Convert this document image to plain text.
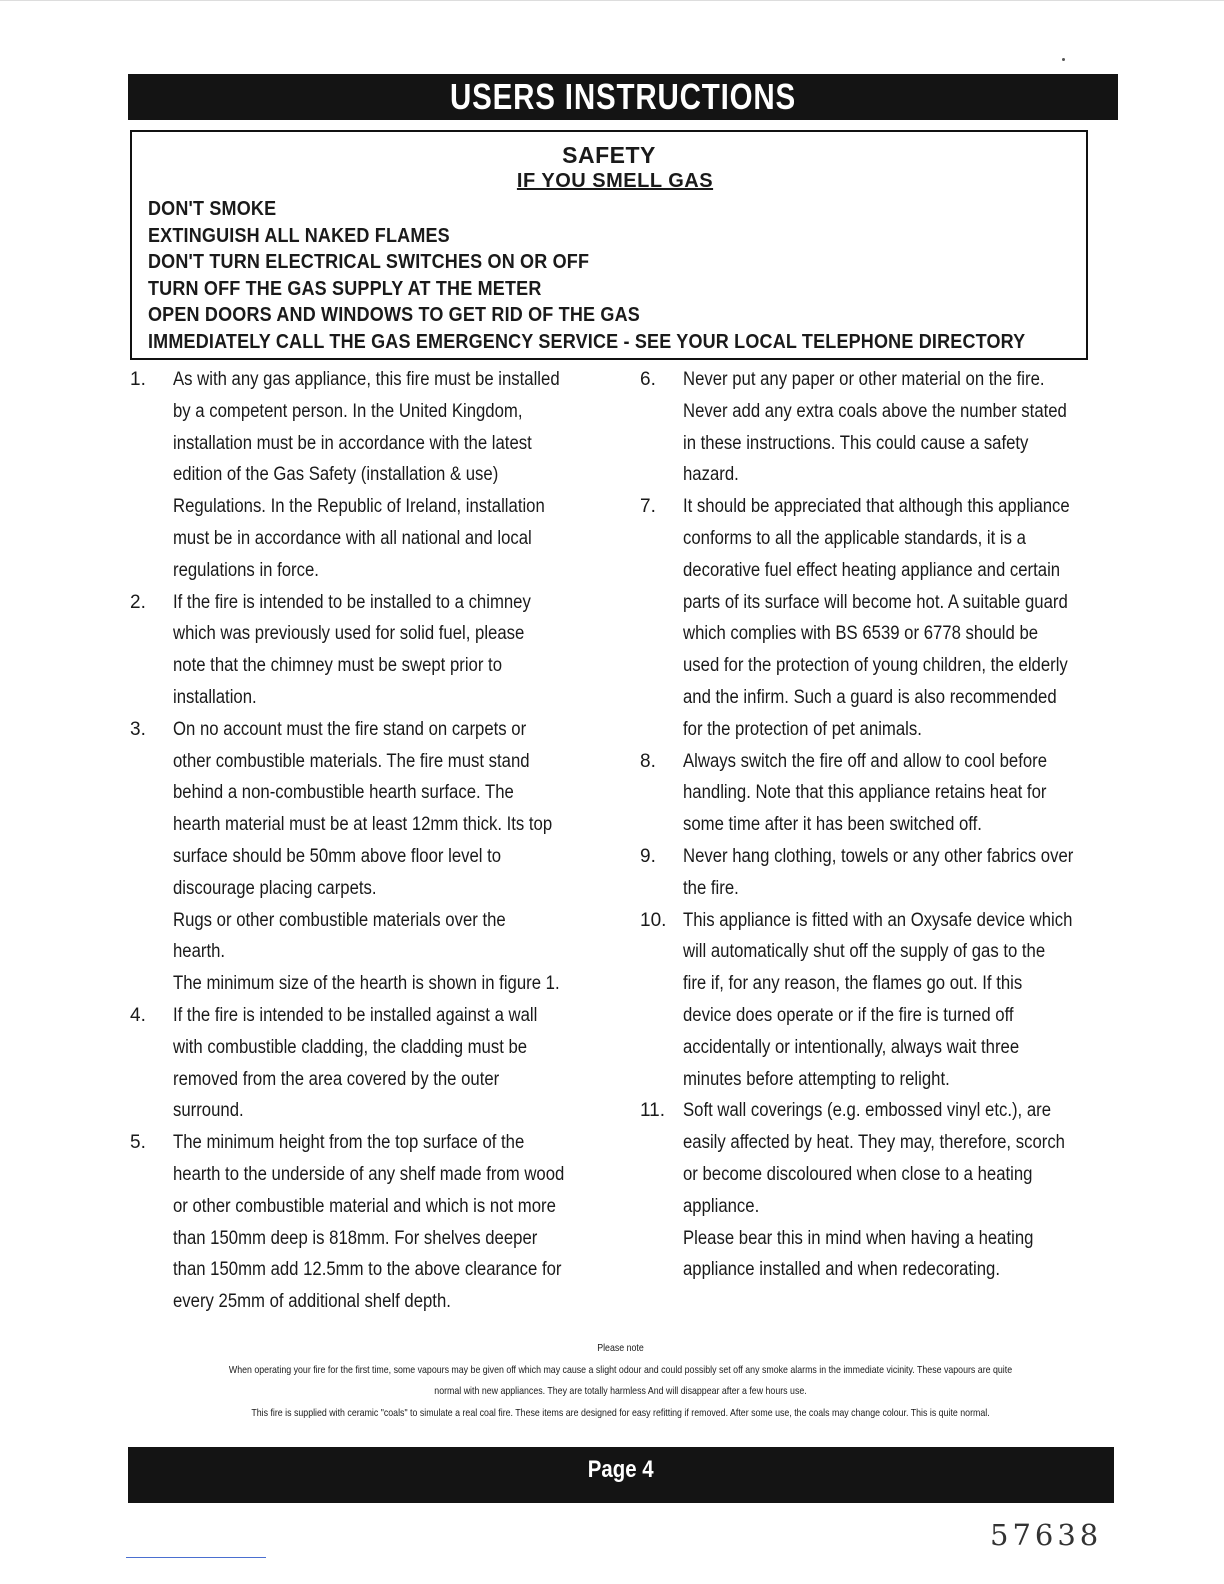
USERS INSTRUCTIONS
SAFETY
IF YOU SMELL GAS
DON'T SMOKE
EXTINGUISH ALL NAKED FLAMES
DON'T TURN ELECTRICAL SWITCHES ON OR OFF
TURN OFF THE GAS SUPPLY AT THE METER
OPEN DOORS AND WINDOWS TO GET RID OF THE GAS
IMMEDIATELY CALL THE GAS EMERGENCY SERVICE - SEE YOUR LOCAL TELEPHONE DIRECTORY
1.	As with any gas appliance, this fire must be installed
by a competent person. In the United Kingdom,
installation must be in accordance with the latest
edition of the Gas Safety (installation & use)
Regulations. In the Republic of Ireland, installation
must be in accordance with all national and local
regulations in force.
2.	If the fire is intended to be installed to a chimney
which was previously used for solid fuel, please
note that the chimney must be swept prior to
installation.
3.	On no account must the fire stand on carpets or
other combustible materials. The fire must stand
behind a non-combustible hearth surface. The
hearth material must be at least 12mm thick. Its top
surface should be 50mm above floor level to
discourage placing carpets.
Rugs or other combustible materials over the
hearth.
The minimum size of the hearth is shown in figure 1.
4.	If the fire is intended to be installed against a wall
with combustible cladding, the cladding must be
removed from the area covered by the outer
surround.
5.	The minimum height from the top surface of the
hearth to the underside of any shelf made from wood
or other combustible material and which is not more
than 150mm deep is 818mm. For shelves deeper
than 150mm add 12.5mm to the above clearance for
every 25mm of additional shelf depth.
6.	Never put any paper or other material on the fire.
Never add any extra coals above the number stated
in these instructions. This could cause a safety
hazard.
7.	It should be appreciated that although this appliance
conforms to all the applicable standards, it is a
decorative fuel effect heating appliance and certain
parts of its surface will become hot. A suitable guard
which complies with BS 6539 or 6778 should be
used for the protection of young children, the elderly
and the infirm. Such a guard is also recommended
for the protection of pet animals.
8.	Always switch the fire off and allow to cool before
handling. Note that this appliance retains heat for
some time after it has been switched off.
9.	Never hang clothing, towels or any other fabrics over
the fire.
10. This appliance is fitted with an Oxysafe device which
will automatically shut off the supply of gas to the
fire if, for any reason, the flames go out. If this
device does operate or if the fire is turned off
accidentally or intentionally, always wait three
minutes before attempting to relight.
11. Soft wall coverings (e.g. embossed vinyl etc.), are
easily affected by heat. They may, therefore, scorch
or become discoloured when close to a heating
appliance.
Please bear this in mind when having a heating
appliance installed and when redecorating.
Please note
When operating your fire for the first time, some vapours may be given off which may cause a slight odour and could possibly set off any smoke alarms in the immediate vicinity. These vapours are quite
normal with new appliances. They are totally harmless And will disappear after a few hours use.
This fire is supplied with ceramic "coals" to simulate a real coal fire. These items are designed for easy refitting if removed. After some use, the coals may change colour. This is quite normal.
Page 4
57638
